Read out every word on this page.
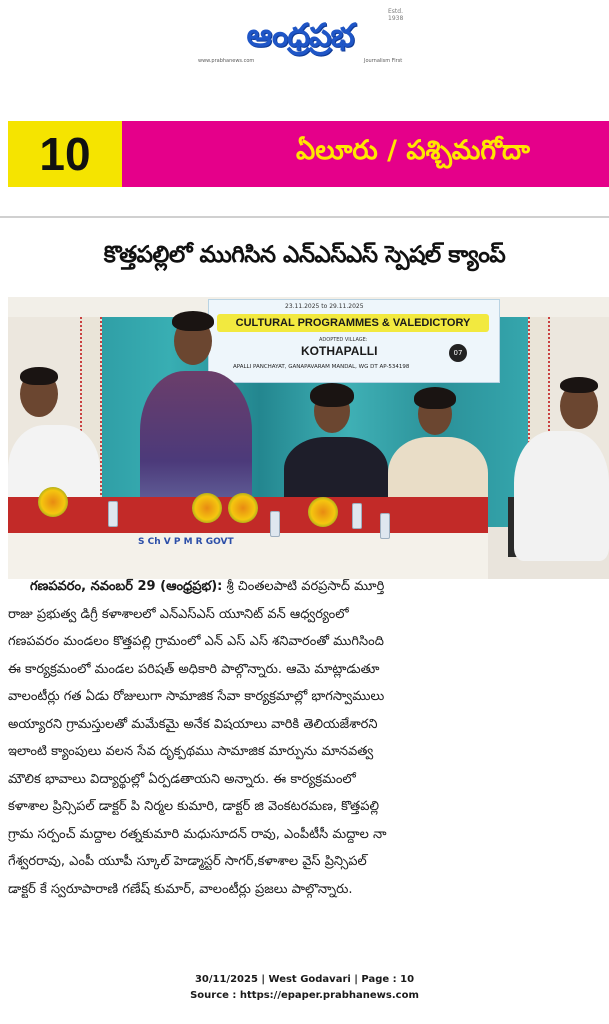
Estd. 1938
ఆంధ్రప్రభ
www.prabhanews.com	Journalism First
10	ఏలూరు / పశ్చిమగోదా
కొత్తపల్లిలో ముగిసిన ఎన్ఎస్ఎస్ స్పెషల్ క్యాంప్
23.11.2025 to 29.11.2025
CULTURAL PROGRAMMES & VALEDICTORY
ADOPTED VILLAGE:
KOTHAPALLI	07
APALLI PANCHAYAT, GANAPAVARAM MANDAL, WG DT AP-534198
S Ch V P M R GOVT
గణపవరం, నవంబర్ 29 (ఆంధ్రప్రభ): శ్రీ చింతలపాటి వరప్రసాద్ మూర్తి
రాజు ప్రభుత్వ డిగ్రీ కళాశాలలో ఎన్ఎస్ఎస్ యూనిట్ వన్ ఆధ్వర్యంలో
గణపవరం మండలం కొత్తపల్లి గ్రామంలో ఎన్ ఎస్ ఎస్ శనివారంతో ముగిసింది
ఈ కార్యక్రమంలో మండల పరిషత్ అధికారి పాల్గొన్నారు. ఆమె మాట్లాడుతూ
వాలంటీర్లు గత ఏడు రోజులుగా సామాజిక సేవా కార్యక్రమాల్లో భాగస్వాములు
అయ్యారని గ్రామస్తులతో మమేకమై అనేక విషయాలు వారికి తెలియజేశారని
ఇలాంటి క్యాంపులు వలన సేవ దృక్పథము సామాజిక మార్పును మానవత్వ
మౌలిక భావాలు విద్యార్థుల్లో ఏర్పడతాయని అన్నారు. ఈ కార్యక్రమంలో
కళాశాల ప్రిన్సిపల్ డాక్టర్ పి నిర్మల కుమారి, డాక్టర్ జి వెంకటరమణ, కొత్తపల్లి
గ్రామ సర్పంచ్ మద్దాల రత్నకుమారి మధుసూదన్ రావు, ఎంపీటీసీ మద్దాల నా
గేశ్వరరావు, ఎంపీ యూపీ స్కూల్ హెడ్మాస్టర్ సాగర్,కళాశాల వైస్ ప్రిన్సిపల్
డాక్టర్ కే స్వరూపారాణి గణేష్ కుమార్, వాలంటీర్లు ప్రజలు పాల్గొన్నారు.
30/11/2025 | West Godavari | Page : 10
Source : https://epaper.prabhanews.com
